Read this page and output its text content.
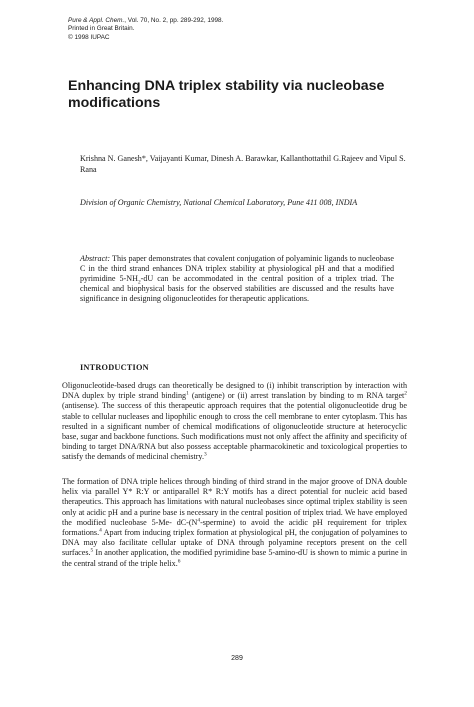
Pure & Appl. Chem., Vol. 70, No. 2, pp. 289-292, 1998.
Printed in Great Britain.
© 1998 IUPAC
Enhancing DNA triplex stability via nucleobase modifications
Krishna N. Ganesh*, Vaijayanti Kumar, Dinesh A. Barawkar, Kallanthottathil G.Rajeev and Vipul S. Rana
Division of Organic Chemistry, National Chemical Laboratory, Pune 411 008, INDIA

Abstract: This paper demonstrates that covalent conjugation of polyaminic ligands to nucleobase C in the third strand enhances DNA triplex stability at physiological pH and that a modified pyrimidine $5-NH_2-dU$ can be accommodated in the central position of a triplex triad. The chemical and biophysical basis for the observed stabilities are discussed and the results have significance in designing oligonucleotides for therapeutic applications.

INTRODUCTION

Oligonucleotide-based drugs can theoretically be designed to (i) inhibit transcription by interaction with DNA duplex by triple strand binding$^1$ (antigene) or (ii) arrest translation by binding to m RNA target$^2$ (antisense). The success of this therapeutic approach requires that the potential oligonucleotide drug be stable to cellular nucleases and lipophilic enough to cross the cell membrane to enter cytoplasm. This has resulted in a significant number of chemical modifications of oligonucleotide structure at heterocyclic base, sugar and backbone functions. Such modifications must not only affect the affinity and specificity of binding to target DNA/RNA but also possess acceptable pharmacokinetic and toxicological properties to satisfy the demands of medicinal chemistry.$^3$

The formation of DNA triple helices through binding of third strand in the major groove of DNA double helix via parallel Y* R:Y or antiparallel R* R:Y motifs has a direct potential for nucleic acid based therapeutics. This approach has limitations with natural nucleobases since optimal triplex stability is seen only at acidic pH and a purine base is necessary in the central position of triplex triad. We have employed the modified nucleobase 5-Me- $dC-(N^4-spermine)$ to avoid the acidic pH requirement for triplex formations.$^4$ Apart from inducing triplex formation at physiological pH, the conjugation of polyamines to DNA may also facilitate cellular uptake of DNA through polyamine receptors present on the cell surfaces.$^5$ In another application, the modified pyrimidine base 5-amino-dU is shown to mimic a purine in the central strand of the triple helix.$^6$

289
